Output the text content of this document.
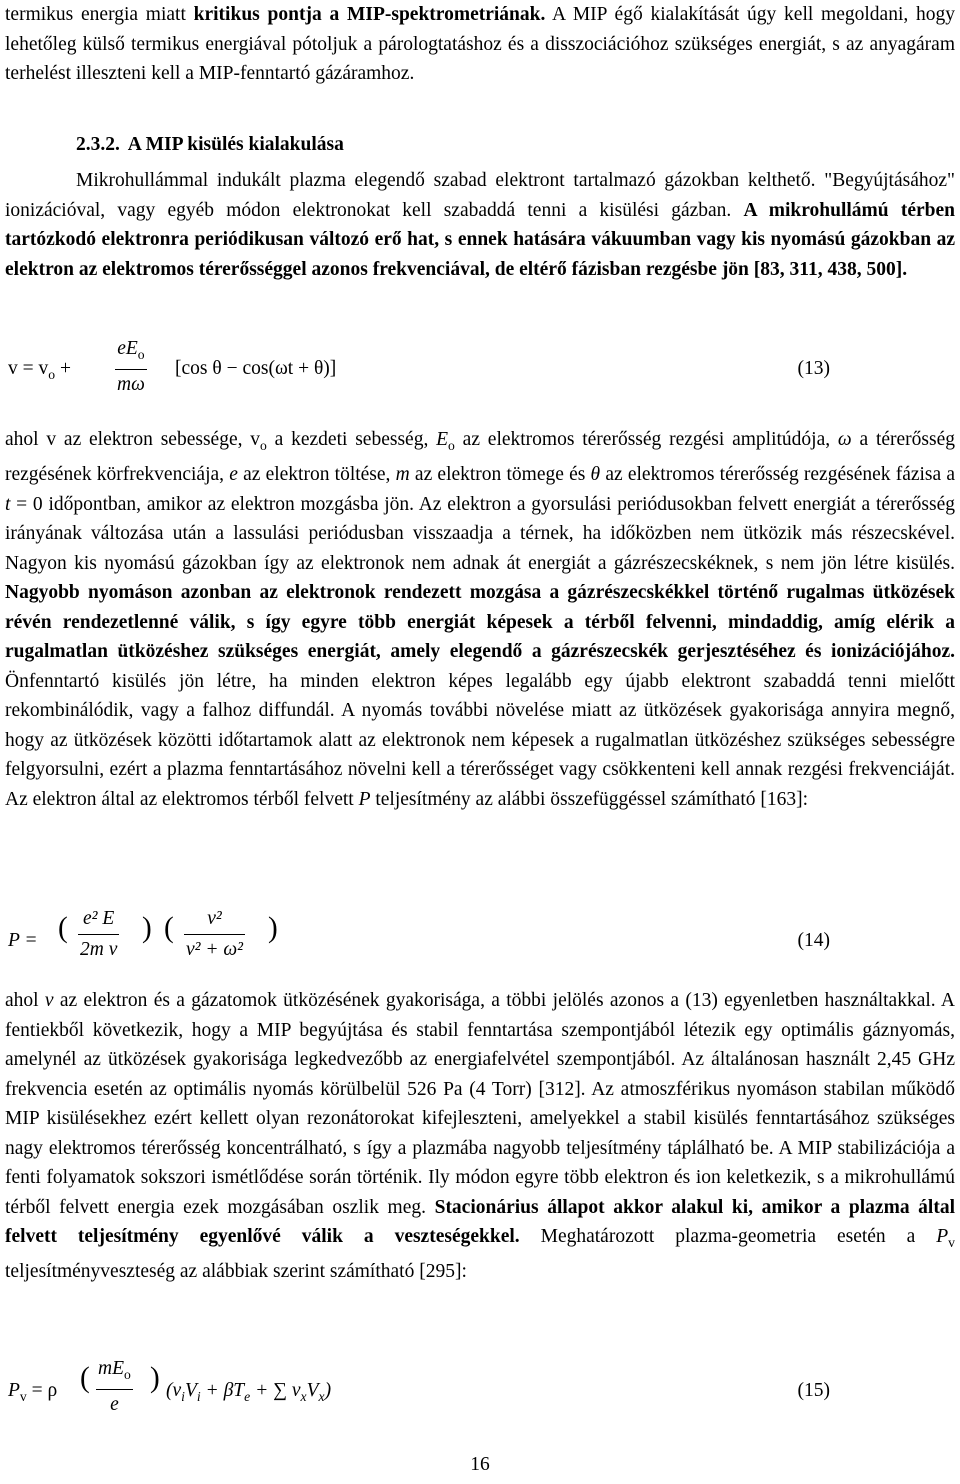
termikus energia miatt kritikus pontja a MIP-spektrometriának. A MIP égő kialakítását úgy kell megoldani, hogy lehetőleg külső termikus energiával pótoljuk a párologtatáshoz és a disszociációhoz szükséges energiát, s az anyagáram terhelést illeszteni kell a MIP-fenntartó gázáramhoz.

2.3.2. A MIP kisülés kialakulása

Mikrohullámmal indukált plazma elegendő szabad elektront tartalmazó gázokban kelthető. "Begyújtásához" ionizációval, vagy egyéb módon elektronokat kell szabaddá tenni a kisülési gázban. A mikrohullámú térben tartózkodó elektronra periódikusan változó erő hat, s ennek hatására vákuumban vagy kis nyomású gázokban az elektron az elektromos térerősséggel azonos frekvenciával, de eltérő fázisban rezgésbe jön [83, 311, 438, 500].

$v = v_o$ +
$eE_o$
mω
[cos θ − cos(ωt + θ)]	(13)

ahol v az elektron sebessége, $v_o$ a kezdeti sebesség, $E_o$ az elektromos térerősség rezgési amplitúdója, ω a térerősség rezgésének körfrekvenciája, e az elektron töltése, m az elektron tömege és θ az elektromos térerősség rezgésének fázisa a t = 0 időpontban, amikor az elektron mozgásba jön. Az elektron a gyorsulási periódusokban felvett energiát a térerősség irányának változása után a lassulási periódusban visszaadja a térnek, ha időközben nem ütközik más részecskével. Nagyon kis nyomású gázokban így az elektronok nem adnak át energiát a gázrészecskéknek, s nem jön létre kisülés. Nagyobb nyomáson azonban az elektronok rendezett mozgása a gázrészecskékkel történő rugalmas ütközések révén rendezetlenné válik, s így egyre több energiát képesek a térből felvenni, mindaddig, amíg elérik a rugalmatlan ütközéshez szükséges energiát, amely elegendő a gázrészecskék gerjesztéséhez és ionizációjához. Önfenntartó kisülés jön létre, ha minden elektron képes legalább egy újabb elektront szabaddá tenni mielőtt rekombinálódik, vagy a falhoz diffundál. A nyomás további növelése miatt az ütközések gyakorisága annyira megnő, hogy az ütközések közötti időtartamok alatt az elektronok nem képesek a rugalmatlan ütközéshez szükséges sebességre felgyorsulni, ezért a plazma fenntartásához növelni kell a térerősséget vagy csökkenteni kell annak rezgési frekvenciáját. Az elektron által az elektromos térből felvett P teljesítmény az alábbi összefüggéssel számítható [163]:

P = ( $\frac{\text{e² E}}{\text{2m ν}}$ ) ( $\frac{\text{ν²}}{\text{ν² + ω²}}$ )	(14)

ahol ν az elektron és a gázatomok ütközésének gyakorisága, a többi jelölés azonos a (13) egyenletben használtakkal. A fentiekből következik, hogy a MIP begyújtása és stabil fenntartása szempontjából létezik egy optimális gáznyomás, amelynél az ütközések gyakorisága legkedvezőbb az energiafelvétel szempontjából. Az általánosan használt 2,45 GHz frekvencia esetén az optimális nyomás körülbelül 526 Pa (4 Torr) [312]. Az atmoszférikus nyomáson stabilan működő MIP kisülésekhez ezért kellett olyan rezonátorokat kifejleszteni, amelyekkel a stabil kisülés fenntartásához szükséges nagy elektromos térerősség koncentrálható, s így a plazmába nagyobb teljesítmény táplálható be. A MIP stabilizációja a fenti folyamatok sokszori ismétlődése során történik. Ily módon egyre több elektron és ion keletkezik, s a mikrohullámú térből felvett energia ezek mozgásában oszlik meg. Stacionárius állapot akkor alakul ki, amikor a plazma által felvett teljesítmény egyenlővé válik a veszteségekkel. Meghatározott plazma-geometria esetén a $P_v$ teljesítményveszteség az alábbiak szerint számítható [295]:

$P_v = \rho$ ( $mE_o$
e
) ($v_iV_i + \beta T_e$ + ∑ $v_xV_x$)	(15)
16
